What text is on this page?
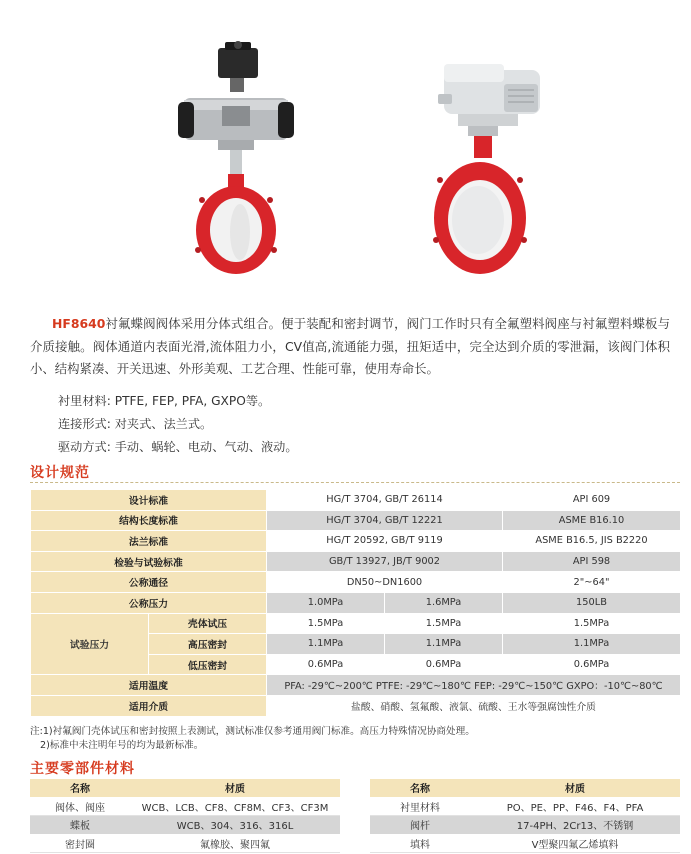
HF8640衬氟蝶阀阀体采用分体式组合。便于装配和密封调节，阀门工作时只有全氟塑料阀座与衬氟塑料蝶板与介质接触。阀体通道内表面光滑,流体阻力小，CV值高,流通能力强，扭矩适中，完全达到介质的零泄漏，该阀门体积小、结构紧凑、开关迅速、外形美观、工艺合理、性能可靠，使用寿命长。
衬里材料: PTFE, FEP, PFA, GXPO等。
连接形式: 对夹式、法兰式。
驱动方式: 手动、蜗轮、电动、气动、液动。
设计规范
设计标准		HG/T 3704, GB/T 26114		API 609
结构长度标准		HG/T 3704, GB/T 12221		ASME B16.10
法兰标准		HG/T 20592, GB/T 9119		ASME B16.5, JIS B2220
检验与试验标准		GB/T 13927, JB/T 9002		API 598
公称通径		DN50~DN1600		2"~64"
公称压力		1.0MPa	1.6MPa	150LB
试验压力	壳体试压	1.5MPa	1.5MPa	1.5MPa
	高压密封	1.1MPa	1.1MPa	1.1MPa
	低压密封	0.6MPa	0.6MPa	0.6MPa
适用温度		PFA: -29℃~200℃ PTFE: -29℃~180℃ FEP: -29℃~150℃ GXPO：-10℃~80℃		
适用介质		盐酸、硝酸、氢氟酸、液氯、硫酸、王水等强腐蚀性介质		
注:1)衬氟阀门壳体试压和密封按照上表测试，测试标准仅参考通用阀门标准。高压力特殊情况协商处理。
2)标准中未注明年号的均为最新标准。
主要零部件材料
名称	材质
阀体、阀座	WCB、LCB、CF8、CF8M、CF3、CF3M
蝶板	WCB、304、316、316L
密封圈	氟橡胶、聚四氟
名称	材质
衬里材料	PO、PE、PP、F46、F4、PFA
阀杆	17-4PH、2Cr13、不锈钢
填料	V型聚四氟乙烯填料
